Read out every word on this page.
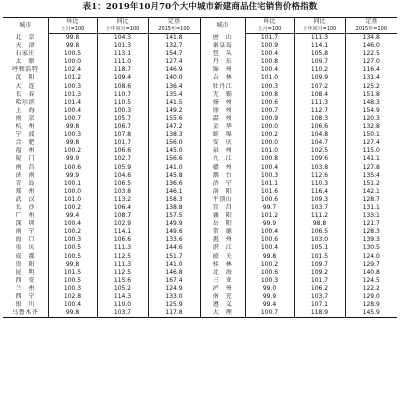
表1：2019年10月70个大中城市新建商品住宅销售价格指数
城市	环比	同比	定基	城市	环比	同比	定基
	上月=100	上年同月=100	2015年=100		上月=100	上年同月=100	2015年=100
北　京	99.8	104.3	141.8	唐　山	101.7	111.3	134.8
天　津	99.8	101.3	132.7	秦皇岛	100.9	114.1	146.0
石家庄	100.5	113.1	154.7	包　头	100.4	105.8	122.5
太　原	100.0	111.0	127.4	丹　东	100.8	109.7	127.0
呼和浩特	102.4	118.7	146.9	锦　州	100.4	110.2	116.4
沈　阳	101.2	109.4	140.0	吉　林	101.0	109.9	131.4
大　连	100.3	108.6	136.4	牡丹江	100.3	107.2	125.2
长　春	101.3	110.7	135.4	无　锡	100.8	108.4	151.8
哈尔滨	101.4	110.5	141.5	扬　州	100.6	111.3	148.3
上　海	100.4	100.3	149.2	徐　州	100.7	112.7	154.9
南　京	100.7	105.7	155.6	温　州	100.9	108.3	120.3
杭　州	99.8	106.7	147.2	金　华	100.0	106.6	132.8
宁　波	100.3	107.8	138.3	蚌　埠	100.2	104.8	150.1
合　肥	99.8	101.7	156.0	安　庆	100.0	104.7	127.4
福　州	100.2	106.6	145.0	泉　州	101.0	102.5	115.0
厦　门	99.9	102.7	156.6	九　江	100.8	109.6	141.1
南　昌	100.6	105.9	141.0	赣　州	100.4	103.8	127.8
济　南	99.9	104.6	145.8	烟　台	100.3	112.6	135.4
青　岛	100.1	106.5	136.6	济　宁	101.1	110.3	151.2
郑　州	100.0	103.8	146.1	洛　阳	101.6	116.4	142.1
武　汉	101.0	113.2	158.3	平顶山	100.6	109.3	128.7
长　沙	100.2	106.4	138.8	宜　昌	99.7	103.7	131.1
广　州	99.4	108.7	157.5	襄　阳	101.2	111.2	133.1
深　圳	100.4	102.9	149.9	岳　阳	99.9	98.8	121.7
南　宁	100.2	114.1	149.6	常　德	100.4	106.5	128.3
海　口	100.3	106.6	133.6	惠　州	100.6	103.0	139.3
重　庆	100.5	111.3	144.6	湛　江	100.4	105.1	130.5
成　都	100.5	112.5	151.7	韶　关	99.8	101.5	124.0
贵　阳	99.8	111.3	141.0	桂　林	100.2	109.7	129.7
昆　明	101.5	112.5	146.8	北　海	100.6	109.2	140.8
西　安	100.5	115.6	167.4	三　亚	100.3	101.7	124.5
兰　州	100.3	105.2	124.9	泸　州	99.0	106.2	122.2
西　宁	102.8	114.3	133.0	南　充	99.9	103.7	129.0
银　川	100.4	110.0	125.9	遵　义	99.4	107.1	128.9
乌鲁木齐	99.8	103.7	117.8	大　理	100.7	118.9	145.9
